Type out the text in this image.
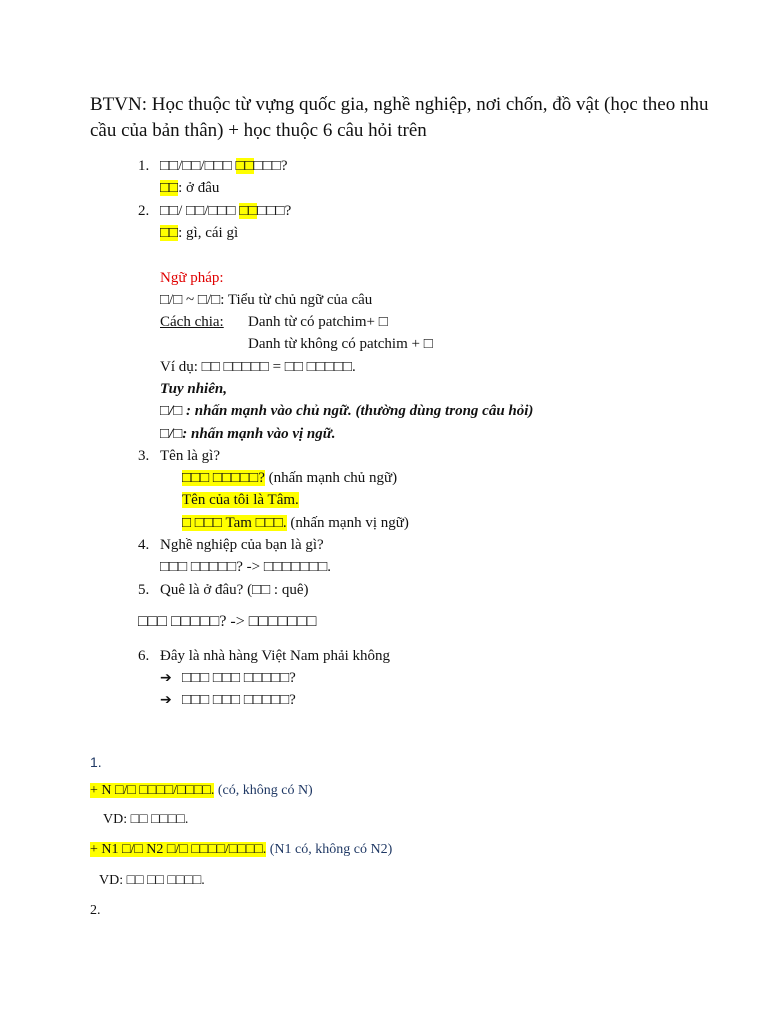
BTVN: Học thuộc từ vựng quốc gia, nghề nghiệp, nơi chốn, đồ vật (học theo nhu cầu của bản thân) + học thuộc 6 câu hỏi trên
1. □□/□□/□□□ □□□□□?
□□: ở đâu
2. □□/ □□/□□□ □□□□□?
□□: gì, cái gì
Ngữ pháp:
□/□ ~ □/□: Tiểu từ chủ ngữ của câu
Cách chia: Danh từ có patchim+ □
Danh từ không có patchim + □
Ví dụ: □□ □□□□□ = □□ □□□□□.
Tuy nhiên,
□/□ : nhấn mạnh vào chủ ngữ. (thường dùng trong câu hỏi)
□/□: nhấn mạnh vào vị ngữ.
3. Tên là gì?
□□□ □□□□□? (nhấn mạnh chủ ngữ)
Tên của tôi là Tâm.
□ □□□ Tam □□□. (nhấn mạnh vị ngữ)
4. Nghề nghiệp của bạn là gì?
□□□ □□□□□? -> □□□□□□□.
5. Quê là ở đâu? (□□ : quê)
□□□ □□□□□? -> □□□□□□□
6. Đây là nhà hàng Việt Nam phải không
➔ □□□ □□□ □□□□□?
➔ □□□ □□□ □□□□□?
1.
+ N □/□ □□□□/□□□□. (có, không có N)
VD: □□ □□□□.
+ N1 □/□ N2 □/□ □□□□/□□□□. (N1 có, không có N2)
VD: □□ □□ □□□□.
2.
